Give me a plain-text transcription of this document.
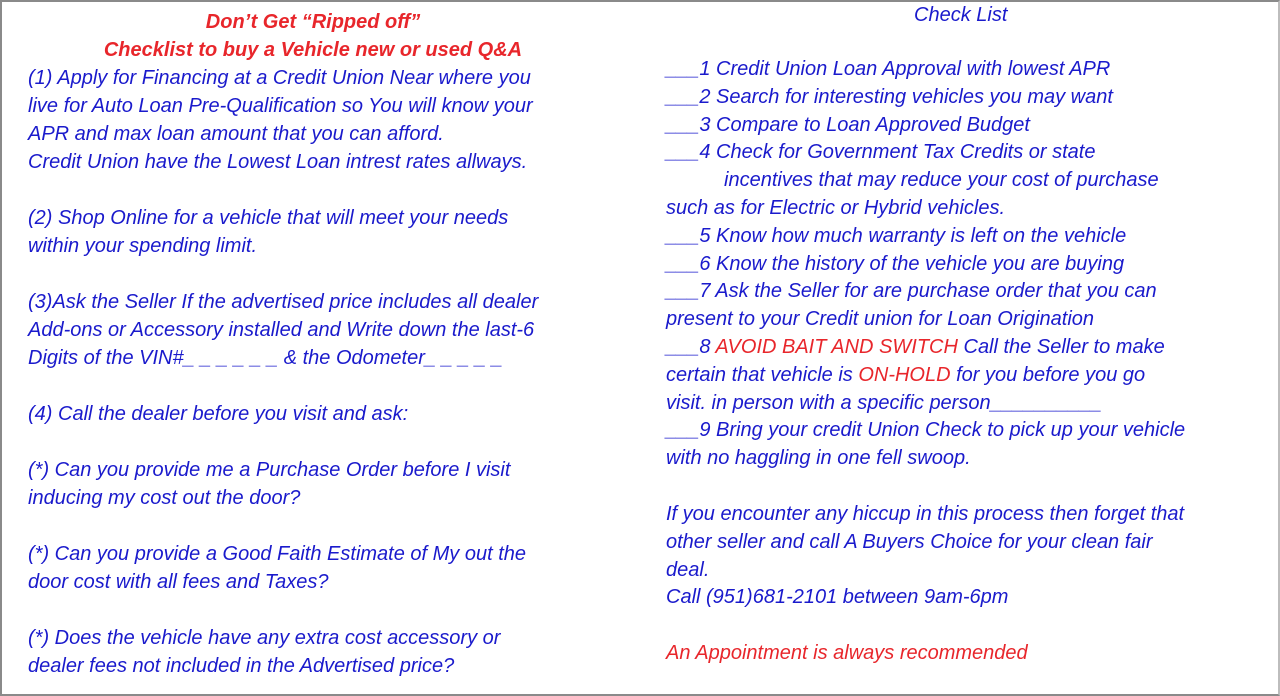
Don’t Get “Ripped off”
Checklist to buy a Vehicle new or used Q&A
(1) Apply for Financing at a Credit Union Near where you
live for Auto Loan Pre-Qualification so You will know your
APR and max loan amount that you can afford.
Credit Union have the Lowest Loan intrest rates allways.
(2) Shop Online for a vehicle that will meet your needs
within your spending limit.
(3)Ask the Seller If the advertised price includes all dealer
Add-ons or Accessory installed and Write down the last-6
Digits of the VIN#_ _ _ _ _ _ & the Odometer_ _ _ _ _
(4) Call the dealer before you visit and ask:
(*) Can you provide me a Purchase Order before I visit
inducing my cost out the door?
(*) Can you provide a Good Faith Estimate of My out the
door cost with all fees and Taxes?
(*) Does the vehicle have any extra cost accessory or
dealer fees not included in the Advertised price?
Check List
___1 Credit Union Loan Approval with lowest APR
___2 Search for interesting vehicles you may want
___3 Compare to Loan Approved Budget
___4 Check for Government Tax Credits or state
incentives that may reduce your cost of purchase
such as for Electric or Hybrid vehicles.
___5 Know how much warranty is left on the vehicle
___6 Know the history of the vehicle you are buying
___7 Ask the Seller for are purchase order that you can
present to your Credit union for Loan Origination
___8 AVOID BAIT AND SWITCH Call the Seller to make
certain that vehicle is ON-HOLD for you before you go
visit. in person with a specific person__________
___9 Bring your credit Union Check to pick up your vehicle
with no haggling in one fell swoop.
If you encounter any hiccup in this process then forget that
other seller and call A Buyers Choice for your clean fair
deal.
Call (951)681-2101 between 9am-6pm
An Appointment is always recommended
